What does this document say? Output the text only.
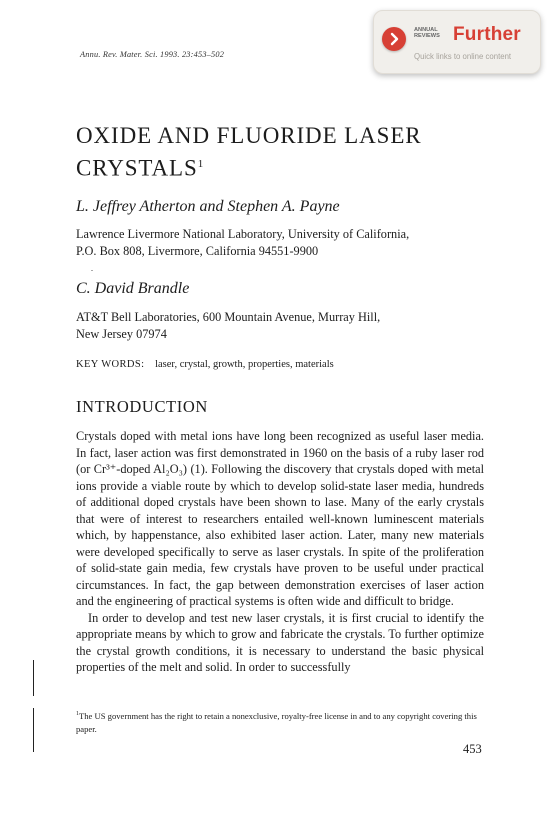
Annu. Rev. Mater. Sci. 1993. 23:453–502
ANNUAL
REVIEWS Further
Quick links to online content
OXIDE AND FLUORIDE LASER CRYSTALS$^1$
L. Jeffrey Atherton and Stephen A. Payne
Lawrence Livermore National Laboratory, University of California,
P.O. Box 808, Livermore, California 94551-9900
C. David Brandle
AT&T Bell Laboratories, 600 Mountain Avenue, Murray Hill,
New Jersey 07974
KEY WORDS: laser, crystal, growth, properties, materials
INTRODUCTION

Crystals doped with metal ions have long been recognized as useful laser media. In fact, laser action was first demonstrated in 1960 on the basis of a ruby laser rod (or Cr³⁺-doped Al₂O₃) (1). Following the discovery that crystals doped with metal ions provide a viable route by which to develop solid-state laser media, hundreds of additional doped crystals have been shown to lase. Many of the early crystals that were of interest to researchers entailed well-known luminescent materials which, by happenstance, also exhibited laser action. Later, many new materials were developed specifically to serve as laser crystals. In spite of the proliferation of solid-state gain media, few crystals have proven to be useful under practical circumstances. In fact, the gap between demonstration exercises of laser action and the engineering of practical systems is often wide and difficult to bridge.

In order to develop and test new laser crystals, it is first crucial to identify the appropriate means by which to grow and fabricate the crystals. To further optimize the crystal growth conditions, it is necessary to understand the basic physical properties of the melt and solid. In order to successfully

$^1$The US government has the right to retain a nonexclusive, royalty-free license in and to any copyright covering this paper.
453
